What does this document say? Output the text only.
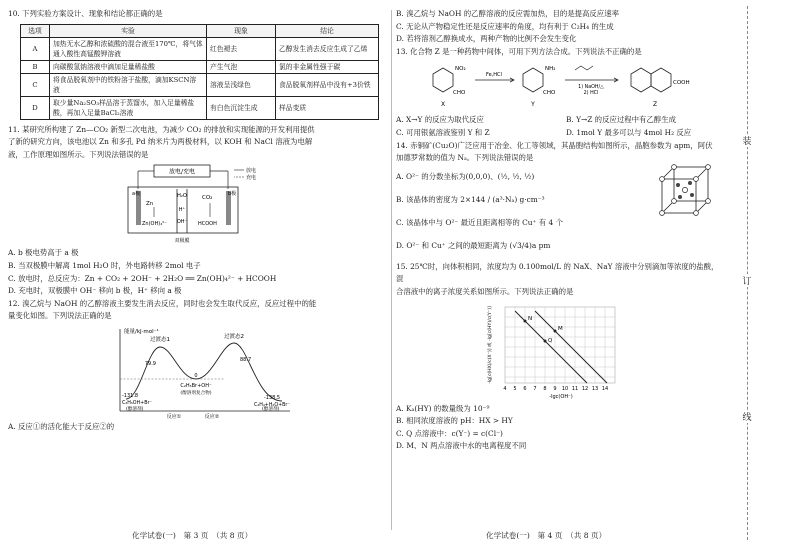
10. 下列实验方案设计、现象和结论都正确的是

选项	实验	现象	结论
A	加热无水乙醇和浓硫酸的混合液至170℃，将气体通入酸性高锰酸钾溶液	红色褪去	乙醇发生消去反应生成了乙烯
B	向碳酸氢钠溶液中滴加足量稀盐酸	产生气泡	氯的非金属性强于碳
C	将食品脱氧剂中的铁粉溶于盐酸，滴加KSCN溶液	溶液呈浅绿色	食品脱氧剂样品中没有+3价铁
D	取少量Na₂SO₃样品溶于蒸馏水，加入足量稀盐酸，再加入足量BaCl₂溶液	有白色沉淀生成	样品变质

11. 某研究所构建了 Zn—CO₂ 新型二次电池，为减少 CO₂ 的排放和实现能源的开发利用提供

了新的研究方向，该电池以 Zn 和多孔 Pd 纳米片为两极材料，以 KOH 和 NaCl 溶液为电解

液，工作原理如图所示。下列说法错误的是

放电/充电	放电
充电
a极	b极
Zn
Zn(OH)₄²⁻
H₂O
H⁺
OH⁻
CO₂
HCOOH
双极膜

A. b 极电势高于 a 极

B. 当双极膜中解离 1mol H₂O 时，外电路转移 2mol 电子

C. 放电时，总反应为：Zn + CO₂ + 2OH⁻ + 2H₂O ══ Zn(OH)₄²⁻ + HCOOH

D. 充电时，双极膜中 OH⁻ 移向 b 极，H⁺ 移向 a 极

12. 溴乙烷与 NaOH 的乙醇溶液主要发生消去反应，同时也会发生取代反应，反应过程中的能

量变化如图。下列说法正确的是

能量/kJ·mol⁻¹
过渡态1	过渡态2
79.9
88.7
0
C₂H₅Br+OH⁻
(醇溶剂复合物)
-131.8	-138.5
C₂H₅OH+Br⁻
(醇溶剂)
C₂H₄+H₂O+Br⁻
(醇溶剂)
反应①	反应②

A. 反应①的活化能大于反应②的

B. 溴乙烷与 NaOH 的乙醇溶液的反应需加热，目的是提高反应速率

C. 无论从产物稳定性还是反应速率的角度，均有利于 C₂H₄ 的生成

D. 若将溶剂乙醇换成水，两种产物的比例不会发生变化

13. 化合物 Z 是一种药物中间体，可用下列方法合成。下列说法不正确的是

NO₂
CHO
X
Fe,HCl
NH₂
CHO
Y
1) NaOH/△
2) HCl
COOH
Z

A. X→Y 的反应为取代反应	B. Y→Z 的反应过程中有乙醇生成

C. 可用银氨溶液鉴别 Y 和 Z	D. 1mol Y 最多可以与 4mol H₂ 反应

14. 赤铜矿(Cu₂O)广泛应用于冶金、化工等领域，其晶胞结构如图所示，晶胞参数为 apm，阿伏

加德罗常数的值为 Nₐ。下列说法错误的是

A. O²⁻ 的分数坐标为(0,0,0)、(½, ½, ½)

B. 该晶体的密度为 2×144 / (a³·Nₐ) g·cm⁻³

C. 该晶体中与 O²⁻ 最近且距离相等的 Cu⁺ 有 4 个

D. O²⁻ 和 Cu⁺ 之间的最短距离为 (√3/4)a pm

15. 25℃时，向体积相同，浓度均为 0.100mol/L 的 NaX、NaY 溶液中分别滴加等浓度的盐酸，混

合溶液中的离子浓度关系如图所示。下列说法正确的是

N
M
Q
-lg[c(HX)/c(X⁻)] 或 -lg[c(HY)/c(Y⁻)]
4 5 6 7 8 9 10 11 12 13 14
-lgc(OH⁻)

A. Kₐ(HY) 的数量级为 10⁻⁹

B. 相同浓度溶液的 pH：HX > HY

C. Q 点溶液中：c(Y⁻) = c(Cl⁻)

D. M、N 两点溶液中水的电离程度不同

装
订
线
化学试卷(一)　第 3 页　（共 8 页）	化学试卷(一)　第 4 页　（共 8 页）
